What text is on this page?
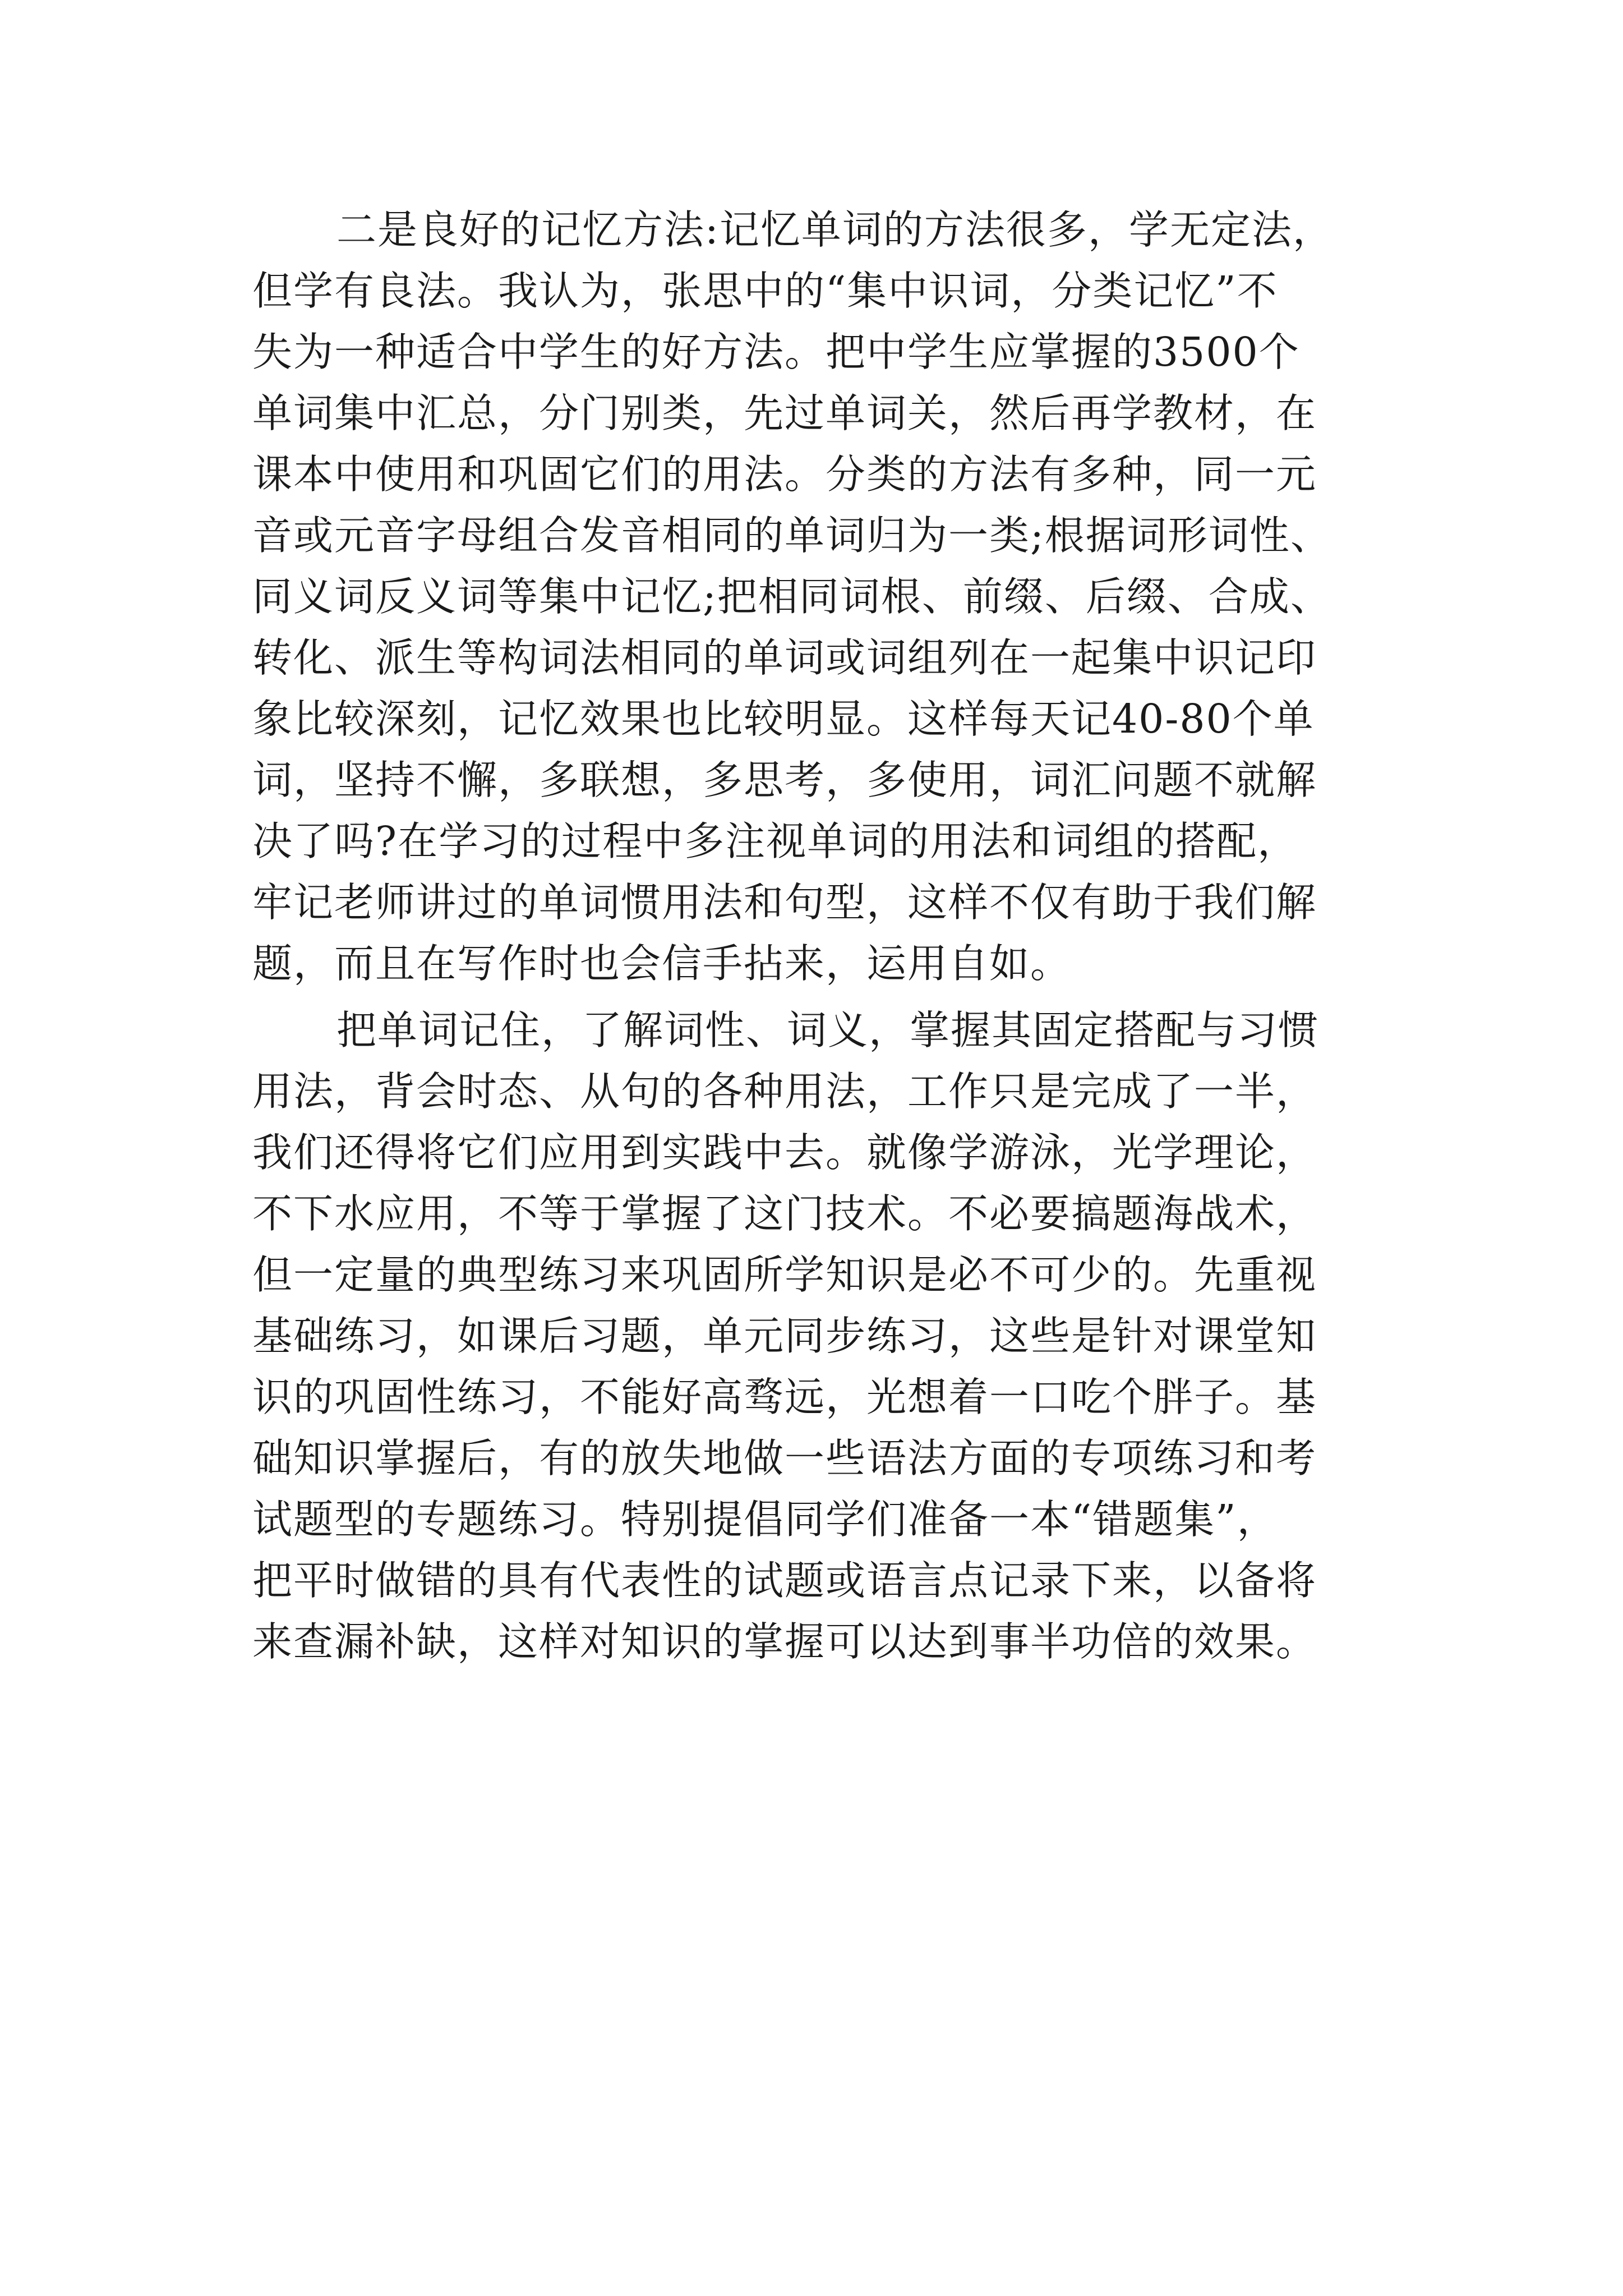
二是良好的记忆方法:记忆单词的方法很多，学无定法，
但学有良法。我认为，张思中的“集中识词，分类记忆”不
失为一种适合中学生的好方法。把中学生应掌握的3500个
单词集中汇总，分门别类，先过单词关，然后再学教材，在
课本中使用和巩固它们的用法。分类的方法有多种，同一元
音或元音字母组合发音相同的单词归为一类;根据词形词性、
同义词反义词等集中记忆;把相同词根、前缀、后缀、合成、
转化、派生等构词法相同的单词或词组列在一起集中识记印
象比较深刻，记忆效果也比较明显。这样每天记40-80个单
词，坚持不懈，多联想，多思考，多使用，词汇问题不就解
决了吗?在学习的过程中多注视单词的用法和词组的搭配，
牢记老师讲过的单词惯用法和句型，这样不仅有助于我们解
题，而且在写作时也会信手拈来，运用自如。
把单词记住，了解词性、词义，掌握其固定搭配与习惯
用法，背会时态、从句的各种用法，工作只是完成了一半，
我们还得将它们应用到实践中去。就像学游泳，光学理论，
不下水应用，不等于掌握了这门技术。不必要搞题海战术，
但一定量的典型练习来巩固所学知识是必不可少的。先重视
基础练习，如课后习题，单元同步练习，这些是针对课堂知
识的巩固性练习，不能好高骛远，光想着一口吃个胖子。基
础知识掌握后，有的放失地做一些语法方面的专项练习和考
试题型的专题练习。特别提倡同学们准备一本“错题集”，
把平时做错的具有代表性的试题或语言点记录下来，以备将
来查漏补缺，这样对知识的掌握可以达到事半功倍的效果。
